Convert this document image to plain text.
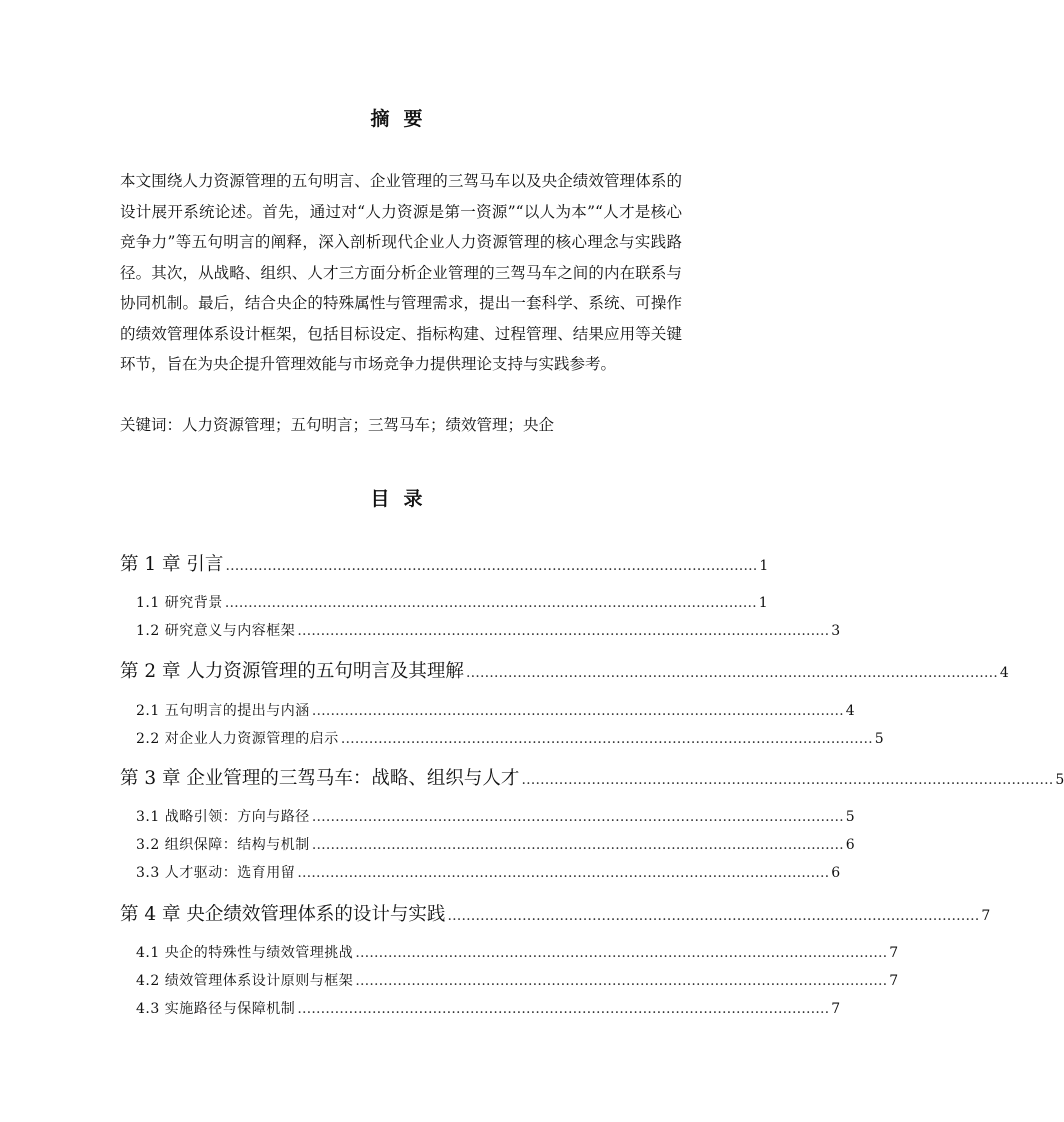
摘要

本文围绕人力资源管理的五句明言、企业管理的三驾马车以及央企绩效管理体系的设计展开系统论述。首先，通过对“人力资源是第一资源”“以人为本”“人才是核心竞争力”等五句明言的阐释，深入剖析现代企业人力资源管理的核心理念与实践路径。其次，从战略、组织、人才三方面分析企业管理的三驾马车之间的内在联系与协同机制。最后，结合央企的特殊属性与管理需求，提出一套科学、系统、可操作的绩效管理体系设计框架，包括目标设定、指标构建、过程管理、结果应用等关键环节，旨在为央企提升管理效能与市场竞争力提供理论支持与实践参考。

关键词：人力资源管理；五句明言；三驾马车；绩效管理；央企
目录
第 1 章 引言 …………………………………………………………………………………………………… 1
1.1 研究背景 …………………………………………………………………………………………………… 1
1.2 研究意义与内容框架 …………………………………………………………………………………………………… 3
第 2 章 人力资源管理的五句明言及其理解 …………………………………………………………………………………………………… 4
2.1 五句明言的提出与内涵 …………………………………………………………………………………………………… 4
2.2 对企业人力资源管理的启示 …………………………………………………………………………………………………… 5
第 3 章 企业管理的三驾马车：战略、组织与人才 …………………………………………………………………………………………………… 5
3.1 战略引领：方向与路径 …………………………………………………………………………………………………… 5
3.2 组织保障：结构与机制 …………………………………………………………………………………………………… 6
3.3 人才驱动：选育用留 …………………………………………………………………………………………………… 6
第 4 章 央企绩效管理体系的设计与实践 …………………………………………………………………………………………………… 7
4.1 央企的特殊性与绩效管理挑战 …………………………………………………………………………………………………… 7
4.2 绩效管理体系设计原则与框架 …………………………………………………………………………………………………… 7
4.3 实施路径与保障机制 …………………………………………………………………………………………………… 7
